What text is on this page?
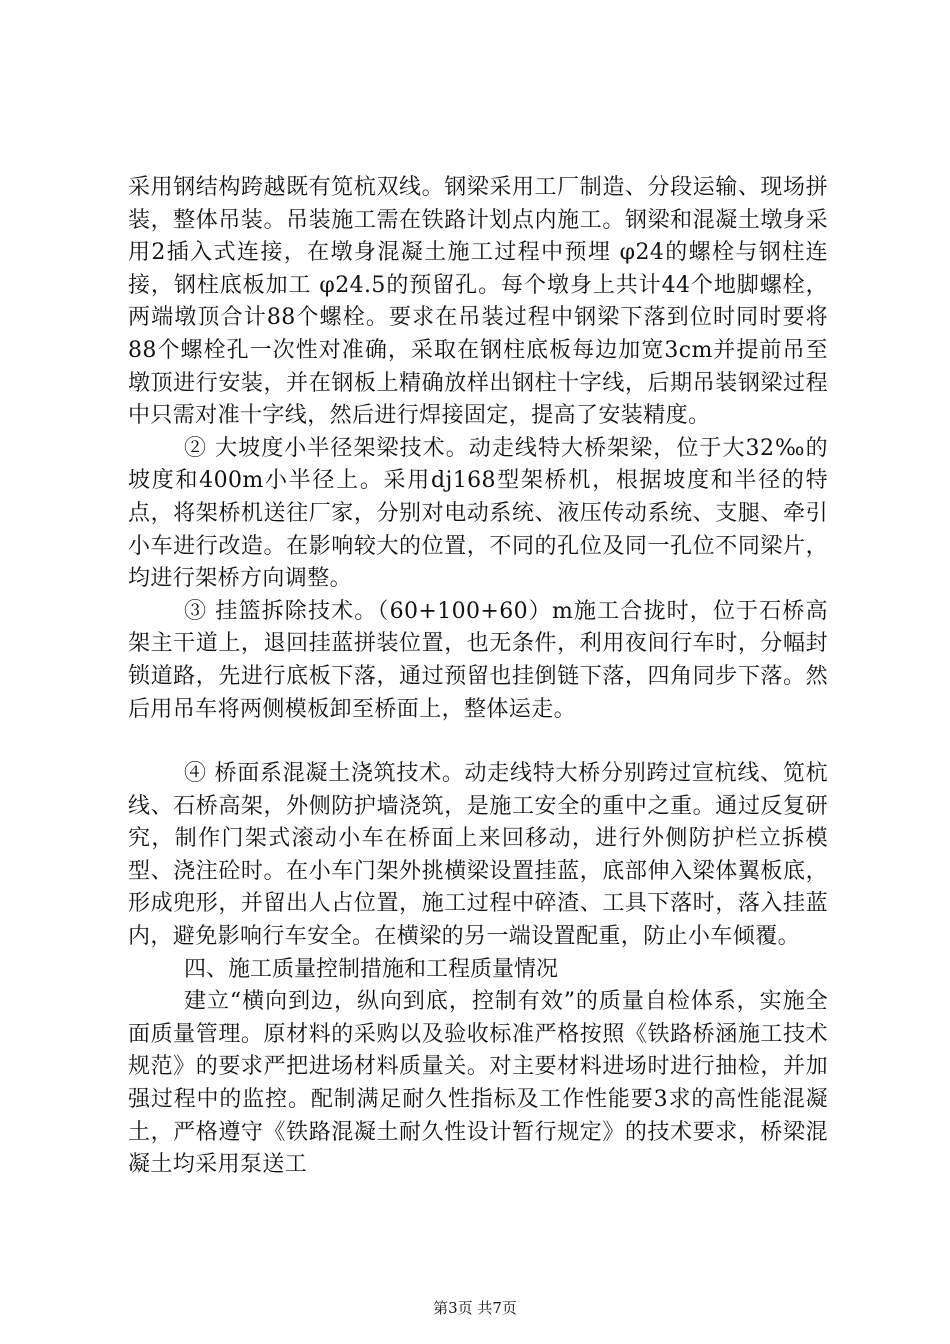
采用钢结构跨越既有笕杭双线。钢梁采用工厂制造、分段运输、现场拼装，整体吊装。吊装施工需在铁路计划点内施工。钢梁和混凝土墩身采用2插入式连接，在墩身混凝土施工过程中预埋 φ24的螺栓与钢柱连接，钢柱底板加工 φ24.5的预留孔。每个墩身上共计44个地脚螺栓，两端墩顶合计88个螺栓。要求在吊装过程中钢梁下落到位时同时要将88个螺栓孔一次性对准确，采取在钢柱底板每边加宽3cm并提前吊至墩顶进行安装，并在钢板上精确放样出钢柱十字线，后期吊装钢梁过程中只需对准十字线，然后进行焊接固定，提高了安装精度。

② 大坡度小半径架梁技术。动走线特大桥架梁，位于大32‰的坡度和400m小半径上。采用dj168型架桥机，根据坡度和半径的特点，将架桥机送往厂家，分别对电动系统、液压传动系统、支腿、牵引小车进行改造。在影响较大的位置，不同的孔位及同一孔位不同梁片，均进行架桥方向调整。

③ 挂篮拆除技术。（60+100+60）m施工合拢时，位于石桥高架主干道上，退回挂蓝拼装位置，也无条件，利用夜间行车时，分幅封锁道路，先进行底板下落，通过预留也挂倒链下落，四角同步下落。然后用吊车将两侧模板卸至桥面上，整体运走。

④ 桥面系混凝土浇筑技术。动走线特大桥分别跨过宣杭线、笕杭线、石桥高架，外侧防护墙浇筑，是施工安全的重中之重。通过反复研究，制作门架式滚动小车在桥面上来回移动，进行外侧防护栏立拆模型、浇注砼时。在小车门架外挑横梁设置挂蓝，底部伸入梁体翼板底，形成兜形，并留出人占位置，施工过程中碎渣、工具下落时，落入挂蓝内，避免影响行车安全。在横梁的另一端设置配重，防止小车倾覆。

四、施工质量控制措施和工程质量情况

建立“横向到边，纵向到底，控制有效”的质量自检体系，实施全面质量管理。原材料的采购以及验收标准严格按照《铁路桥涵施工技术规范》的要求严把进场材料质量关。对主要材料进场时进行抽检，并加强过程中的监控。配制满足耐久性指标及工作性能要3求的高性能混凝土，严格遵守《铁路混凝土耐久性设计暂行规定》的技术要求，桥梁混凝土均采用泵送工

第3页 共7页
